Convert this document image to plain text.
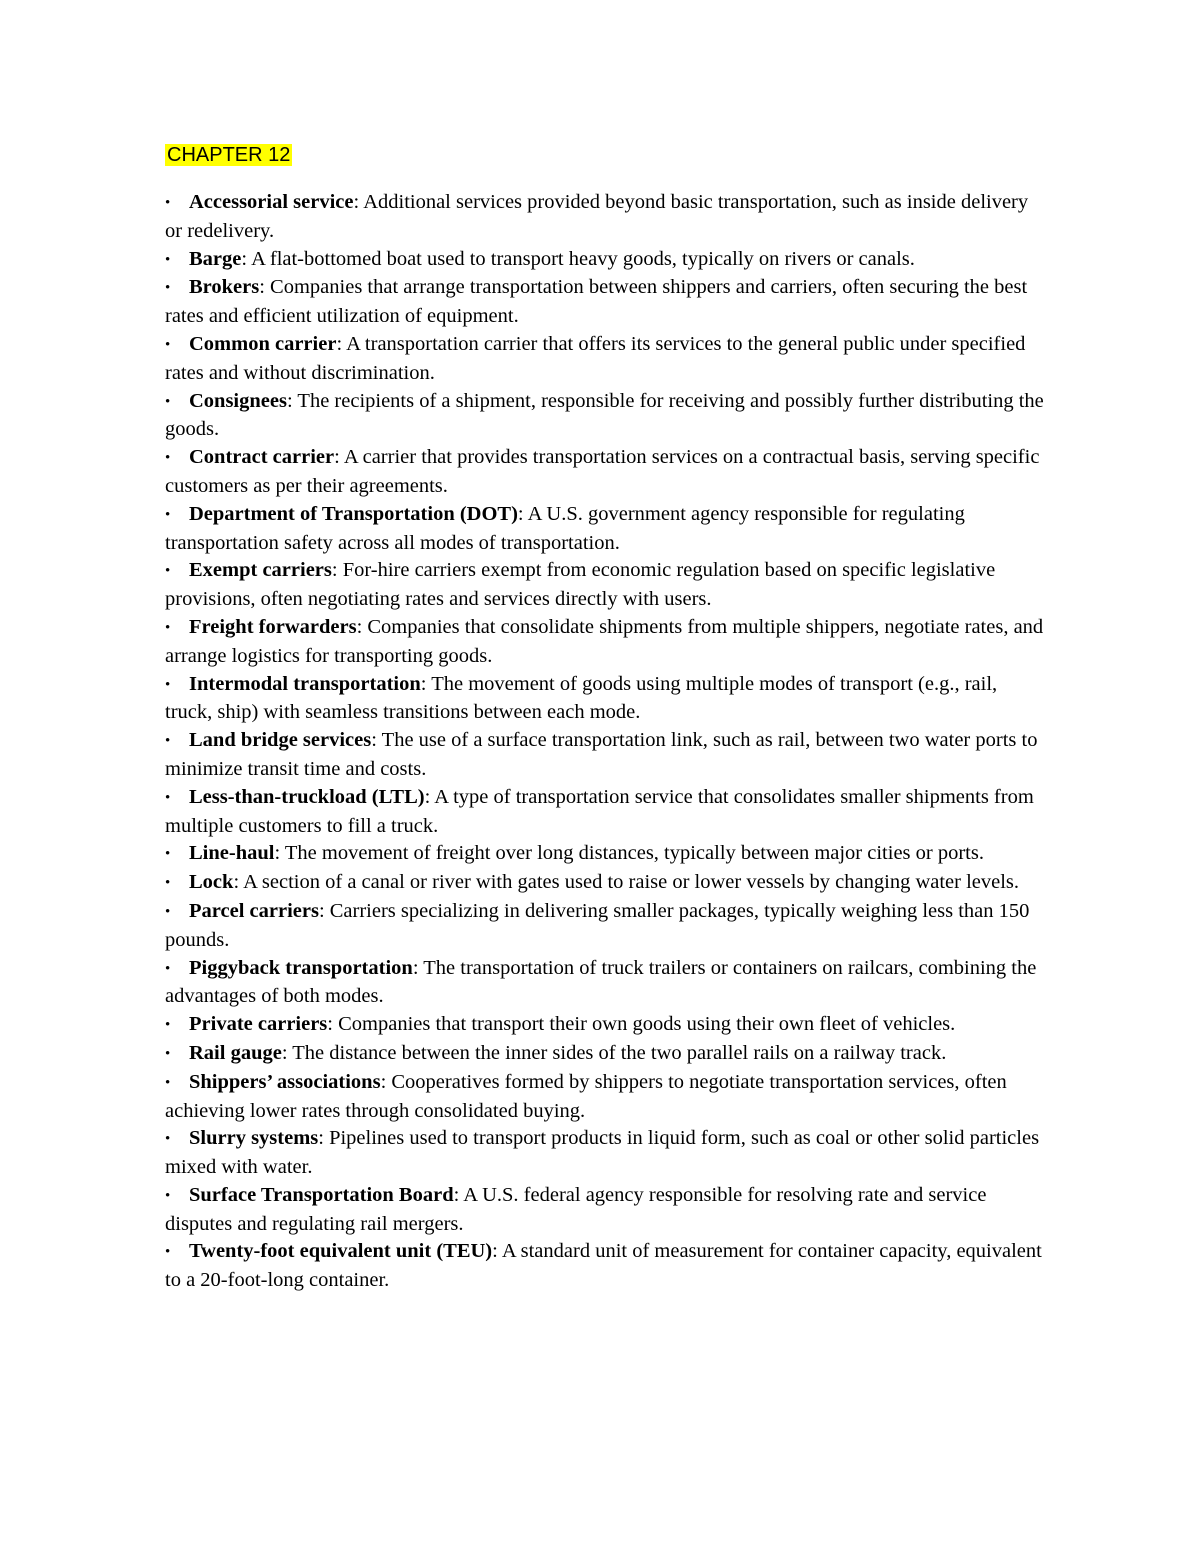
CHAPTER 12
• Accessorial service: Additional services provided beyond basic transportation, such as inside delivery or redelivery.
• Barge: A flat-bottomed boat used to transport heavy goods, typically on rivers or canals.
• Brokers: Companies that arrange transportation between shippers and carriers, often securing the best rates and efficient utilization of equipment.
• Common carrier: A transportation carrier that offers its services to the general public under specified rates and without discrimination.
• Consignees: The recipients of a shipment, responsible for receiving and possibly further distributing the goods.
• Contract carrier: A carrier that provides transportation services on a contractual basis, serving specific customers as per their agreements.
• Department of Transportation (DOT): A U.S. government agency responsible for regulating transportation safety across all modes of transportation.
• Exempt carriers: For-hire carriers exempt from economic regulation based on specific legislative provisions, often negotiating rates and services directly with users.
• Freight forwarders: Companies that consolidate shipments from multiple shippers, negotiate rates, and arrange logistics for transporting goods.
• Intermodal transportation: The movement of goods using multiple modes of transport (e.g., rail, truck, ship) with seamless transitions between each mode.
• Land bridge services: The use of a surface transportation link, such as rail, between two water ports to minimize transit time and costs.
• Less-than-truckload (LTL): A type of transportation service that consolidates smaller shipments from multiple customers to fill a truck.
• Line-haul: The movement of freight over long distances, typically between major cities or ports.
• Lock: A section of a canal or river with gates used to raise or lower vessels by changing water levels.
• Parcel carriers: Carriers specializing in delivering smaller packages, typically weighing less than 150 pounds.
• Piggyback transportation: The transportation of truck trailers or containers on railcars, combining the advantages of both modes.
• Private carriers: Companies that transport their own goods using their own fleet of vehicles.
• Rail gauge: The distance between the inner sides of the two parallel rails on a railway track.
• Shippers’ associations: Cooperatives formed by shippers to negotiate transportation services, often achieving lower rates through consolidated buying.
• Slurry systems: Pipelines used to transport products in liquid form, such as coal or other solid particles mixed with water.
• Surface Transportation Board: A U.S. federal agency responsible for resolving rate and service disputes and regulating rail mergers.
• Twenty-foot equivalent unit (TEU): A standard unit of measurement for container capacity, equivalent to a 20-foot-long container.
